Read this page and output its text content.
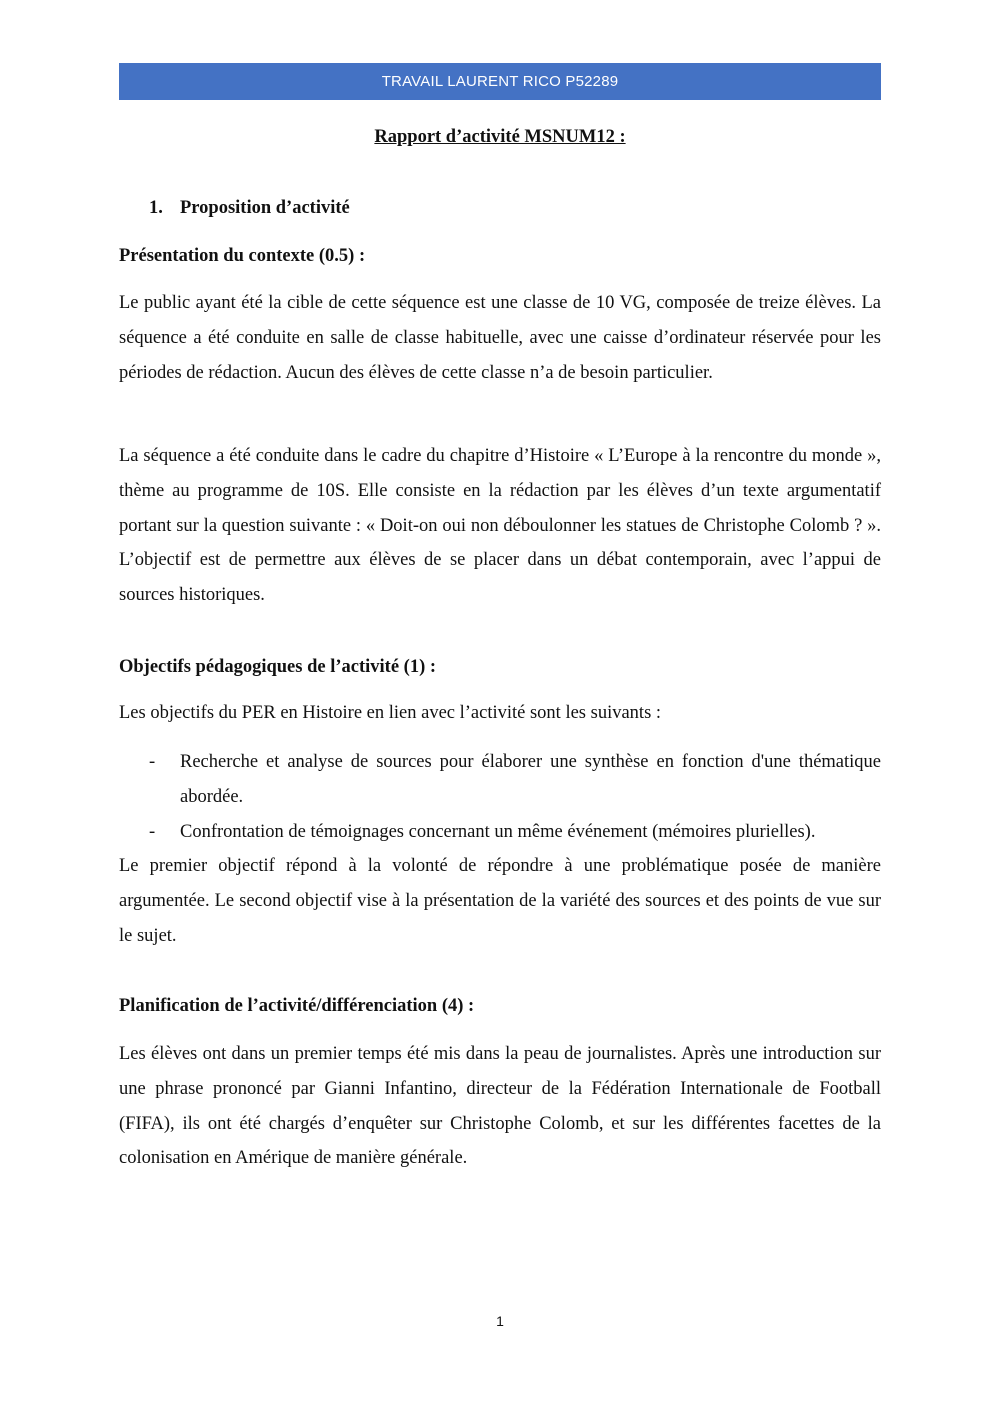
TRAVAIL LAURENT RICO P52289
Rapport d’activité MSNUM12 :
1. Proposition d’activité
Présentation du contexte (0.5) :

Le public ayant été la cible de cette séquence est une classe de 10 VG, composée de treize élèves. La séquence a été conduite en salle de classe habituelle, avec une caisse d’ordinateur réservée pour les périodes de rédaction. Aucun des élèves de cette classe n’a de besoin particulier.

La séquence a été conduite dans le cadre du chapitre d’Histoire « L’Europe à la rencontre du monde », thème au programme de 10S. Elle consiste en la rédaction par les élèves d’un texte argumentatif portant sur la question suivante : « Doit-on oui non déboulonner les statues de Christophe Colomb ? ». L’objectif est de permettre aux élèves de se placer dans un débat contemporain, avec l’appui de sources historiques.

Objectifs pédagogiques de l’activité (1) :

Les objectifs du PER en Histoire en lien avec l’activité sont les suivants :

- Recherche et analyse de sources pour élaborer une synthèse en fonction d'une thématique abordée.
- Confrontation de témoignages concernant un même événement (mémoires plurielles).

Le premier objectif répond à la volonté de répondre à une problématique posée de manière argumentée. Le second objectif vise à la présentation de la variété des sources et des points de vue sur le sujet.

Planification de l’activité/différenciation (4) :

Les élèves ont dans un premier temps été mis dans la peau de journalistes. Après une introduction sur une phrase prononcé par Gianni Infantino, directeur de la Fédération Internationale de Football (FIFA), ils ont été chargés d’enquêter sur Christophe Colomb, et sur les différentes facettes de la colonisation en Amérique de manière générale.

1
